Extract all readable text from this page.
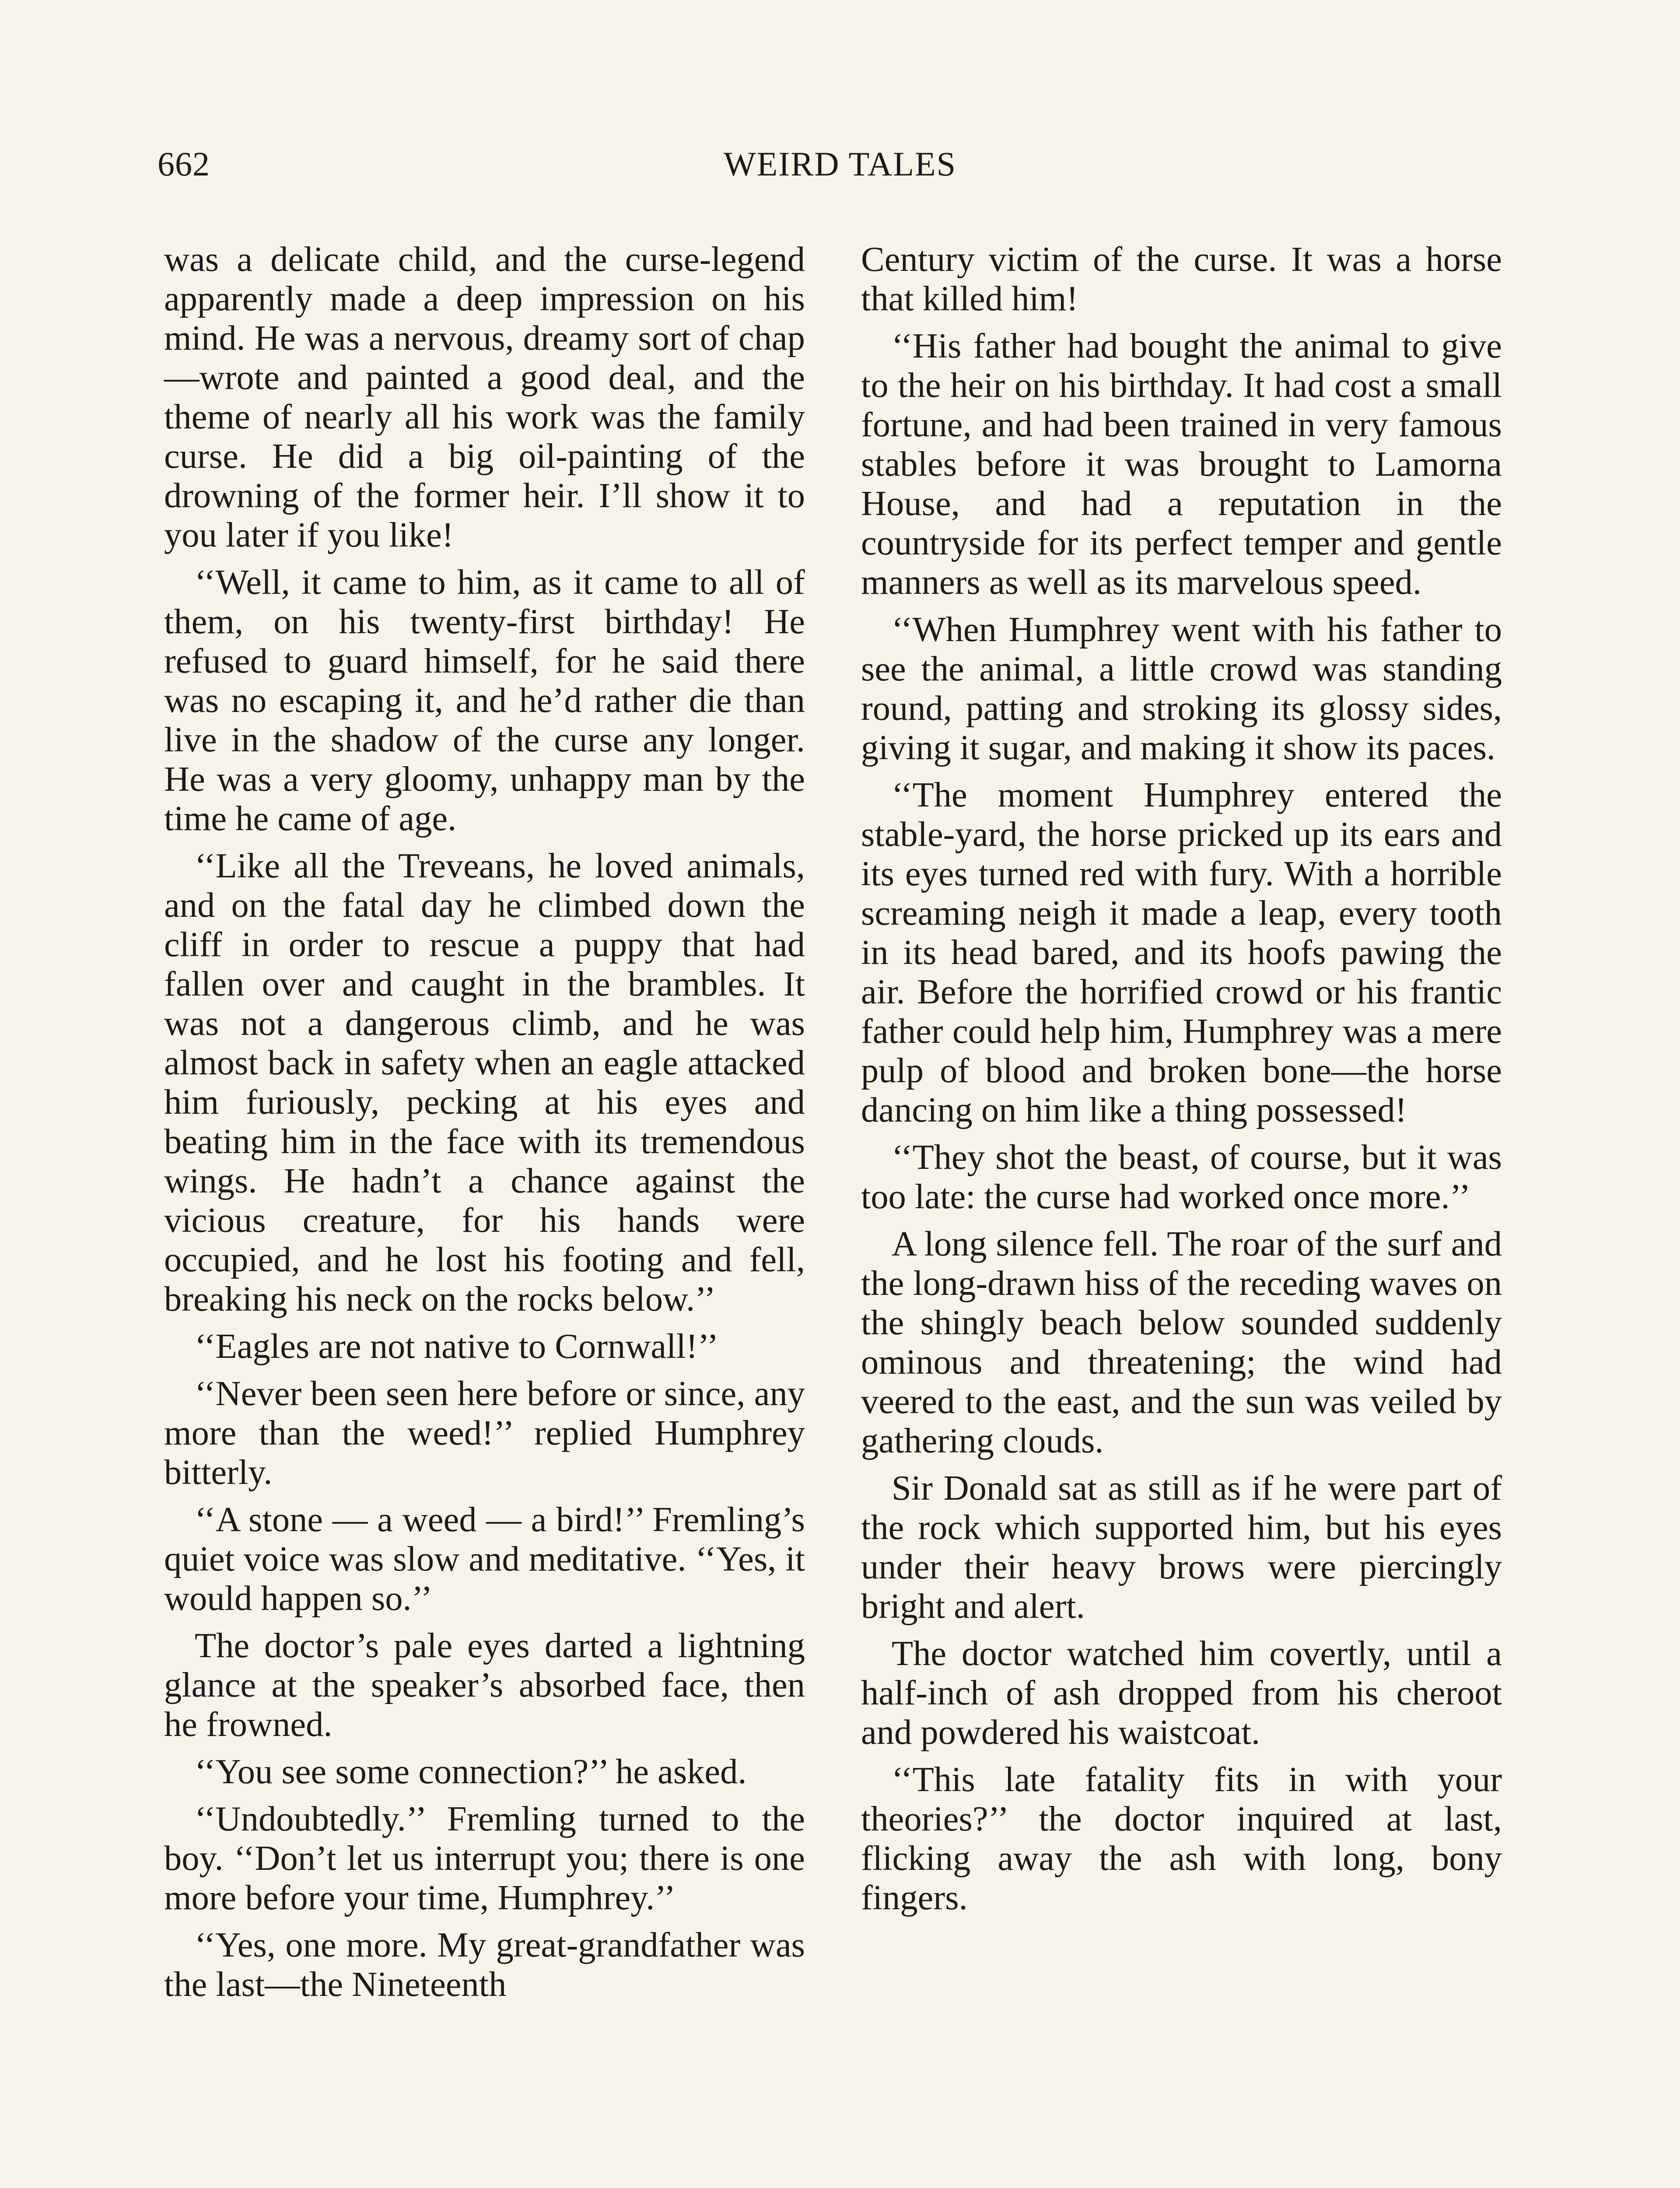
662	WEIRD TALES

was a delicate child, and the curse-legend apparently made a deep impression on his mind. He was a nervous, dreamy sort of chap—wrote and painted a good deal, and the theme of nearly all his work was the family curse. He did a big oil-painting of the drowning of the former heir. I’ll show it to you later if you like!

‘‘Well, it came to him, as it came to all of them, on his twenty-first birthday! He refused to guard himself, for he said there was no escaping it, and he’d rather die than live in the shadow of the curse any longer. He was a very gloomy, unhappy man by the time he came of age.

‘‘Like all the Treveans, he loved animals, and on the fatal day he climbed down the cliff in order to rescue a puppy that had fallen over and caught in the brambles. It was not a dangerous climb, and he was almost back in safety when an eagle attacked him furiously, pecking at his eyes and beating him in the face with its tremendous wings. He hadn’t a chance against the vicious creature, for his hands were occupied, and he lost his footing and fell, breaking his neck on the rocks below.’’

‘‘Eagles are not native to Cornwall!’’

‘‘Never been seen here before or since, any more than the weed!’’ replied Humphrey bitterly.

‘‘A stone — a weed — a bird!’’ Fremling’s quiet voice was slow and meditative. ‘‘Yes, it would happen so.’’

The doctor’s pale eyes darted a lightning glance at the speaker’s absorbed face, then he frowned.

‘‘You see some connection?’’ he asked.

‘‘Undoubtedly.’’ Fremling turned to the boy. ‘‘Don’t let us interrupt you; there is one more before your time, Humphrey.’’

‘‘Yes, one more. My great-grandfather was the last—the Nineteenth

Century victim of the curse. It was a horse that killed him!

‘‘His father had bought the animal to give to the heir on his birthday. It had cost a small fortune, and had been trained in very famous stables before it was brought to Lamorna House, and had a reputation in the countryside for its perfect temper and gentle manners as well as its marvelous speed.

‘‘When Humphrey went with his father to see the animal, a little crowd was standing round, patting and stroking its glossy sides, giving it sugar, and making it show its paces.

‘‘The moment Humphrey entered the stable-yard, the horse pricked up its ears and its eyes turned red with fury. With a horrible screaming neigh it made a leap, every tooth in its head bared, and its hoofs pawing the air. Before the horrified crowd or his frantic father could help him, Humphrey was a mere pulp of blood and broken bone—the horse dancing on him like a thing possessed!

‘‘They shot the beast, of course, but it was too late: the curse had worked once more.’’

A long silence fell. The roar of the surf and the long-drawn hiss of the receding waves on the shingly beach below sounded suddenly ominous and threatening; the wind had veered to the east, and the sun was veiled by gathering clouds.

Sir Donald sat as still as if he were part of the rock which supported him, but his eyes under their heavy brows were piercingly bright and alert.

The doctor watched him covertly, until a half-inch of ash dropped from his cheroot and powdered his waistcoat.

‘‘This late fatality fits in with your theories?’’ the doctor inquired at last, flicking away the ash with long, bony fingers.
